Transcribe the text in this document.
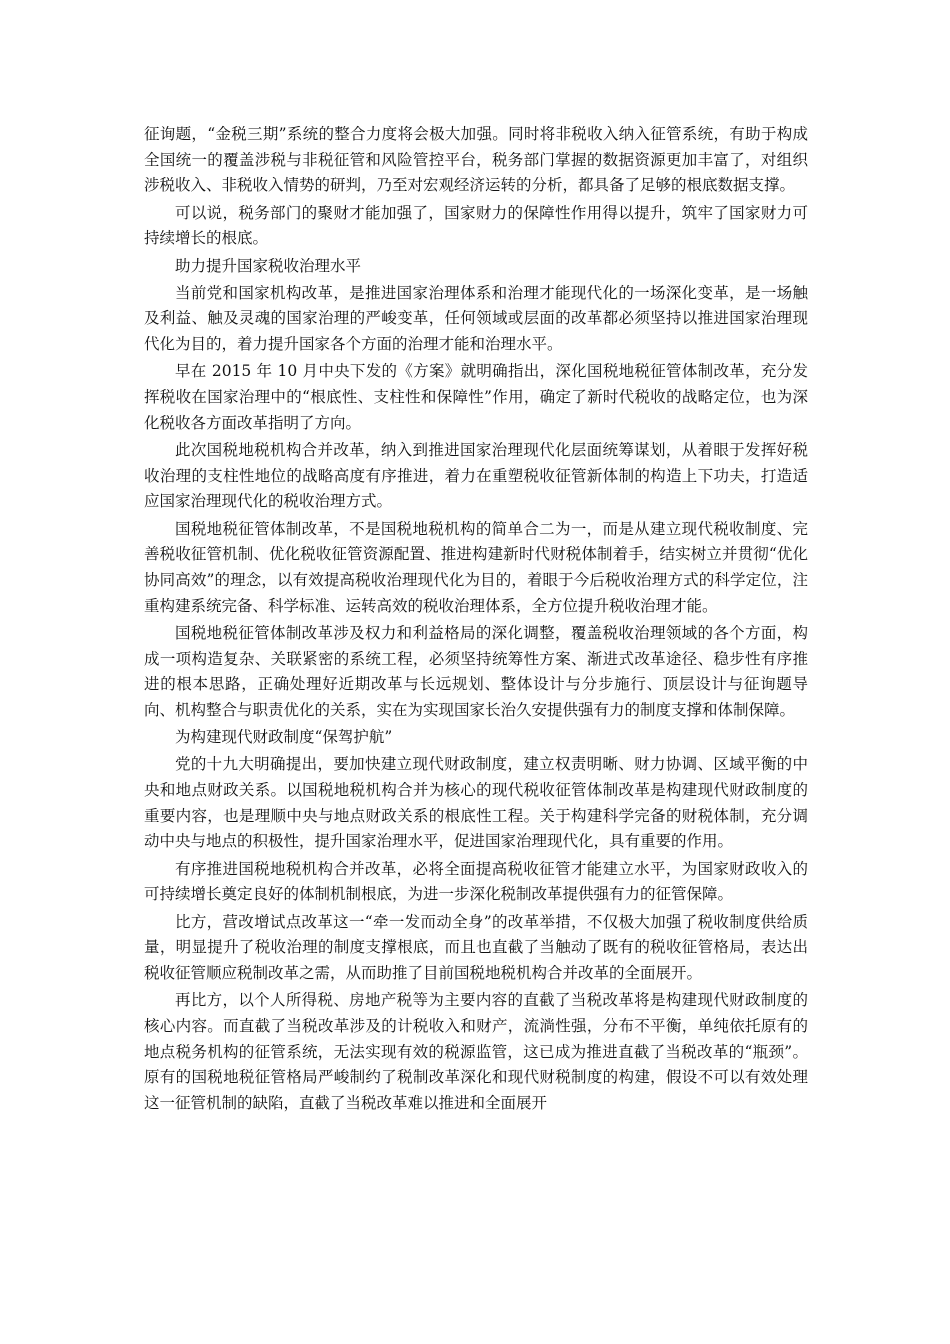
征询题，“金税三期”系统的整合力度将会极大加强。同时将非税收入纳入征管系统，有助于构成全国统一的覆盖涉税与非税征管和风险管控平台，税务部门掌握的数据资源更加丰富了，对组织涉税收入、非税收入情势的研判，乃至对宏观经济运转的分析，都具备了足够的根底数据支撑。

可以说，税务部门的聚财才能加强了，国家财力的保障性作用得以提升，筑牢了国家财力可持续增长的根底。

助力提升国家税收治理水平

当前党和国家机构改革，是推进国家治理体系和治理才能现代化的一场深化变革，是一场触及利益、触及灵魂的国家治理的严峻变革，任何领域或层面的改革都必须坚持以推进国家治理现代化为目的，着力提升国家各个方面的治理才能和治理水平。

早在 2015 年 10 月中央下发的《方案》就明确指出，深化国税地税征管体制改革，充分发挥税收在国家治理中的“根底性、支柱性和保障性”作用，确定了新时代税收的战略定位，也为深化税收各方面改革指明了方向。

此次国税地税机构合并改革，纳入到推进国家治理现代化层面统筹谋划，从着眼于发挥好税收治理的支柱性地位的战略高度有序推进，着力在重塑税收征管新体制的构造上下功夫，打造适应国家治理现代化的税收治理方式。

国税地税征管体制改革，不是国税地税机构的简单合二为一，而是从建立现代税收制度、完善税收征管机制、优化税收征管资源配置、推进构建新时代财税体制着手，结实树立并贯彻“优化协同高效”的理念，以有效提高税收治理现代化为目的，着眼于今后税收治理方式的科学定位，注重构建系统完备、科学标准、运转高效的税收治理体系，全方位提升税收治理才能。

国税地税征管体制改革涉及权力和利益格局的深化调整，覆盖税收治理领域的各个方面，构成一项构造复杂、关联紧密的系统工程，必须坚持统筹性方案、渐进式改革途径、稳步性有序推进的根本思路，正确处理好近期改革与长远规划、整体设计与分步施行、顶层设计与征询题导向、机构整合与职责优化的关系，实在为实现国家长治久安提供强有力的制度支撑和体制保障。

为构建现代财政制度“保驾护航”

党的十九大明确提出，要加快建立现代财政制度，建立权责明晰、财力协调、区域平衡的中央和地点财政关系。以国税地税机构合并为核心的现代税收征管体制改革是构建现代财政制度的重要内容，也是理顺中央与地点财政关系的根底性工程。关于构建科学完备的财税体制，充分调动中央与地点的积极性，提升国家治理水平，促进国家治理现代化，具有重要的作用。

有序推进国税地税机构合并改革，必将全面提高税收征管才能建立水平，为国家财政收入的可持续增长奠定良好的体制机制根底，为进一步深化税制改革提供强有力的征管保障。

比方，营改增试点改革这一“牵一发而动全身”的改革举措，不仅极大加强了税收制度供给质量，明显提升了税收治理的制度支撑根底，而且也直截了当触动了既有的税收征管格局，表达出税收征管顺应税制改革之需，从而助推了目前国税地税机构合并改革的全面展开。

再比方，以个人所得税、房地产税等为主要内容的直截了当税改革将是构建现代财政制度的核心内容。而直截了当税改革涉及的计税收入和财产，流淌性强，分布不平衡，单纯依托原有的地点税务机构的征管系统，无法实现有效的税源监管，这已成为推进直截了当税改革的“瓶颈”。原有的国税地税征管格局严峻制约了税制改革深化和现代财税制度的构建，假设不可以有效处理这一征管机制的缺陷，直截了当税改革难以推进和全面展开
